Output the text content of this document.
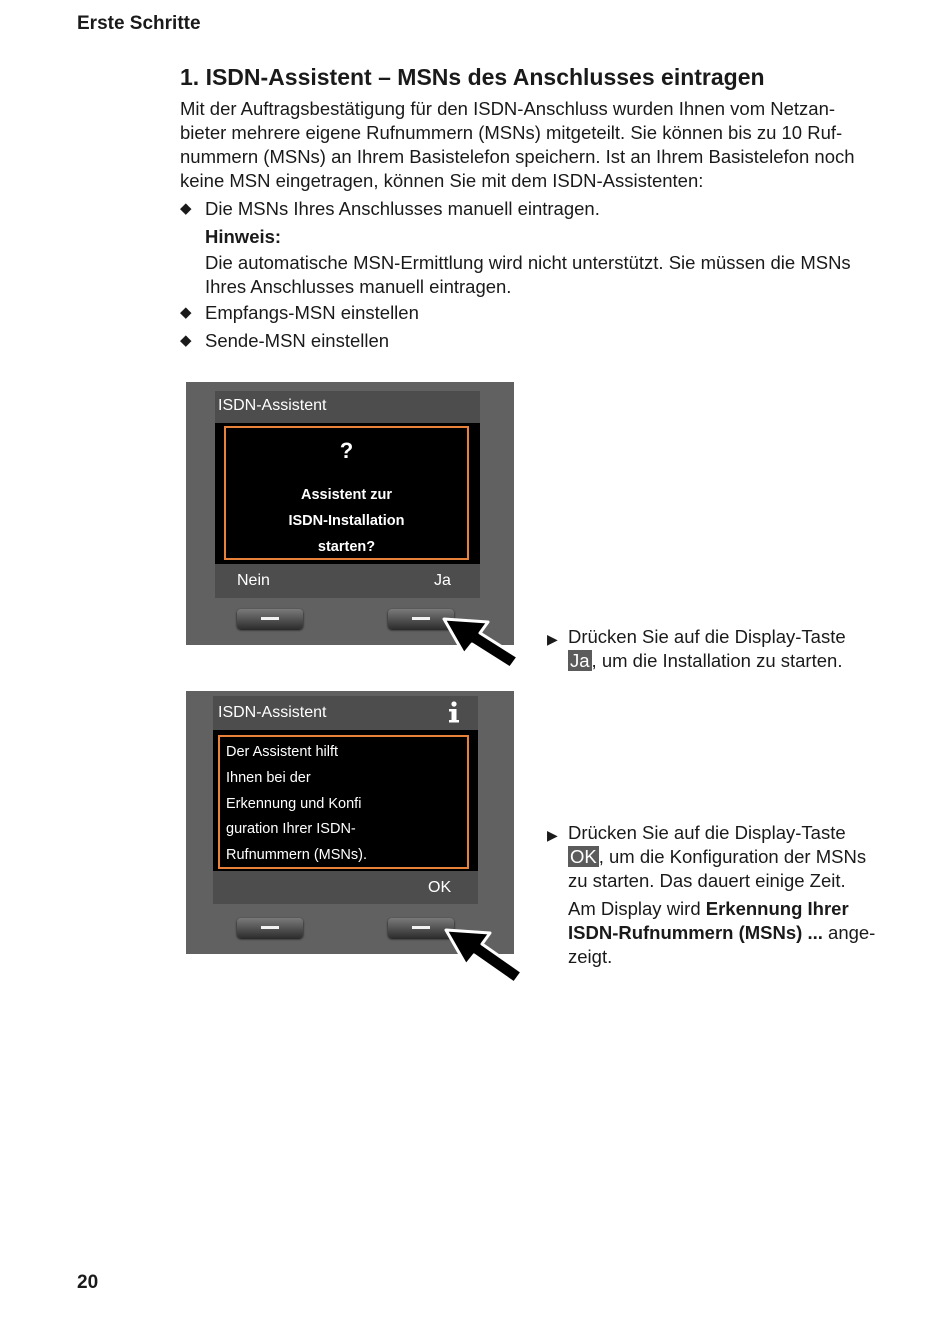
Erste Schritte
1. ISDN-Assistent – MSNs des Anschlusses eintragen
Mit der Auftragsbestätigung für den ISDN-Anschluss wurden Ihnen vom Netzan-
bieter mehrere eigene Rufnummern (MSNs) mitgeteilt. Sie können bis zu 10 Ruf-
nummern (MSNs) an Ihrem Basistelefon speichern. Ist an Ihrem Basistelefon noch
keine MSN eingetragen, können Sie mit dem ISDN-Assistenten:
◆ Die MSNs Ihres Anschlusses manuell eintragen.
Hinweis:
Die automatische MSN-Ermittlung wird nicht unterstützt. Sie müssen die MSNs
Ihres Anschlusses manuell eintragen.
◆ Empfangs-MSN einstellen
◆ Sende-MSN einstellen
ISDN-Assistent
?
Assistent zur
ISDN-Installation
starten?
Nein	Ja
▶ Drücken Sie auf die Display-Taste
Ja , um die Installation zu starten.
ISDN-Assistent
Der Assistent hilft
Ihnen bei der
Erkennung und Konfi
guration Ihrer ISDN-
Rufnummern (MSNs).
OK
▶ Drücken Sie auf die Display-Taste
OK , um die Konfiguration der MSNs zu starten. Das dauert einige Zeit.
Am Display wird Erkennung Ihrer ISDN-Rufnummern (MSNs) ... ange-zeigt.
20
